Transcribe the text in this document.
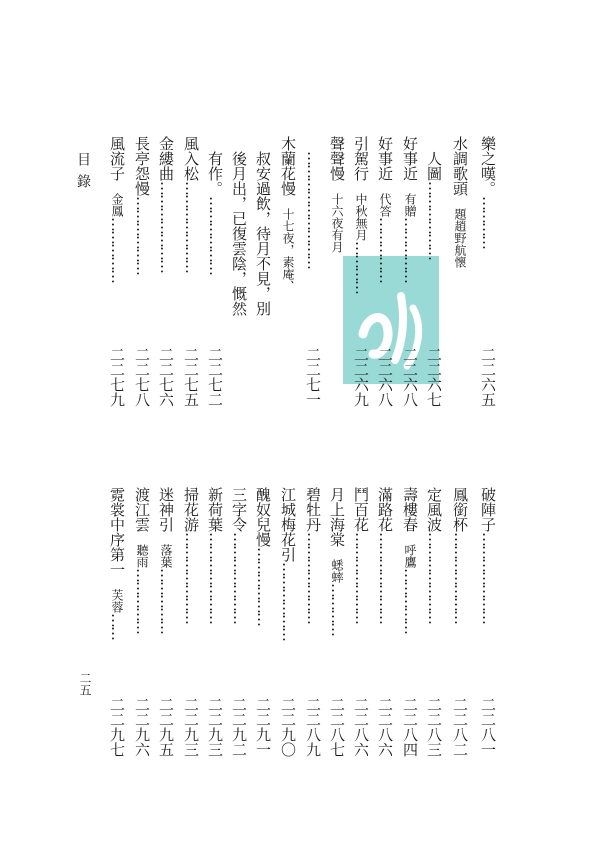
目錄
二五
樂之嘆。…………
二二六五
水調歌頭　題趙野航懷
　人圖………………
二二六七
好事近　有贈……………
二二六八
好事近　代答……………
二二六八
引駕行　中秋無月…………
二二六九
聲聲慢　十六夜有月
　………………………
二二七一
木蘭花慢　十七夜，素庵、
　叔安過飲，待月不見，別
　後月出，已復雲陰，慨然
　有作。………………
二二七二
風入松…………………
二二七五
金縷曲…………………
二二七六
長亭怨慢………………
二二七八
風流子　金鳳……………
二二七九
破陣子…………………
二二八一
鳳銜杯…………………
二二八二
定風波…………………
二二八三
壽樓春　呼鷹……………
二二八四
滿路花…………………
二二八六
鬥百花…………………
二二八六
月上海棠　蟋蟀…………
二二八七
碧牡丹…………………
二二八九
江城梅花引………………
二二九〇
醜奴兒慢………………
二二九一
三字令…………………
二二九二
新荷葉…………………
二二九三
掃花游…………………
二二九三
迷神引　落葉……………
二二九五
渡江雲　聽雨……………
二二九六
霓裳中序第一　芙蓉……
二二九七
